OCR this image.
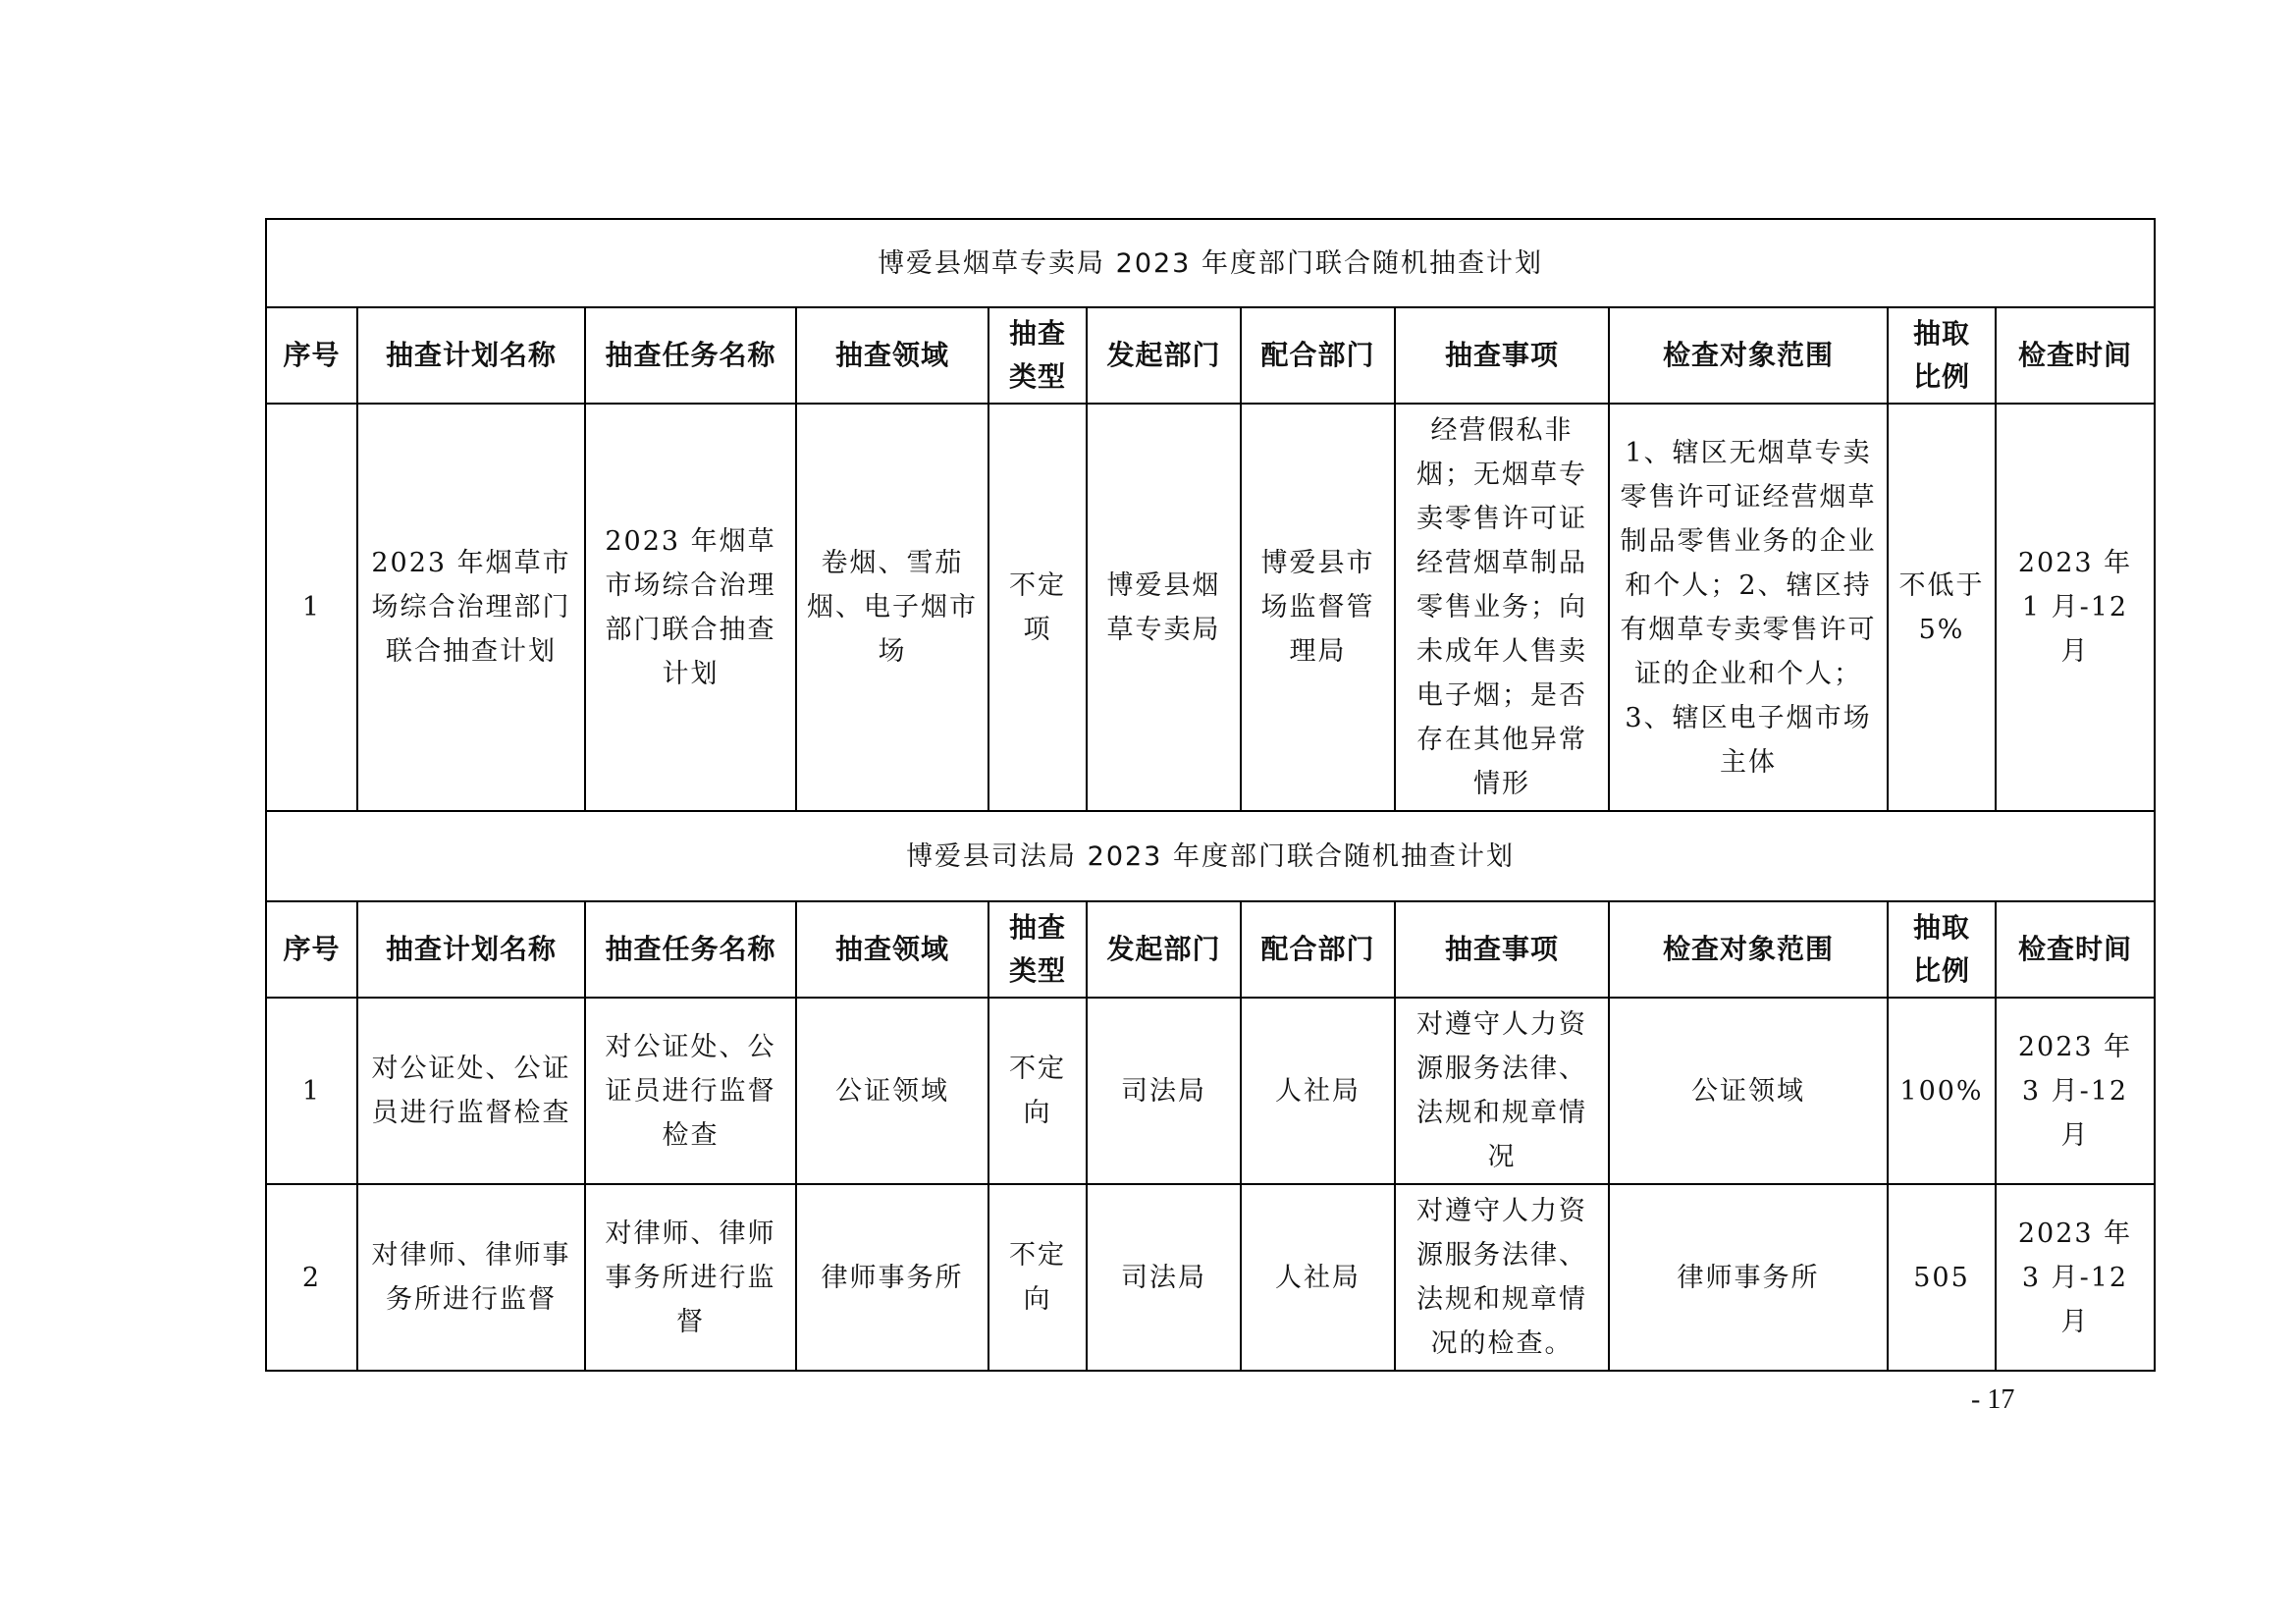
博爱县烟草专卖局 2023 年度部门联合随机抽查计划										
序号	抽查计划名称	抽查任务名称	抽查领域	抽查类型	发起部门	配合部门	抽查事项	检查对象范围	抽取比例	检查时间
1	2023 年烟草市场综合治理部门联合抽查计划	2023 年烟草市场综合治理部门联合抽查计划	卷烟、雪茄烟、电子烟市场	不定项	博爱县烟草专卖局	博爱县市场监督管理局	经营假私非烟；无烟草专卖零售许可证经营烟草制品零售业务；向未成年人售卖电子烟；是否存在其他异常情形	1、辖区无烟草专卖零售许可证经营烟草制品零售业务的企业和个人；2、辖区持有烟草专卖零售许可证的企业和个人；3、辖区电子烟市场主体	不低于 5%	2023 年 1 月-12 月
博爱县司法局 2023 年度部门联合随机抽查计划										
序号	抽查计划名称	抽查任务名称	抽查领域	抽查类型	发起部门	配合部门	抽查事项	检查对象范围	抽取比例	检查时间
1	对公证处、公证员进行监督检查	对公证处、公证员进行监督检查	公证领域	不定向	司法局	人社局	对遵守人力资源服务法律、法规和规章情况	公证领域	100%	2023 年 3 月-12 月
2	对律师、律师事务所进行监督	对律师、律师事务所进行监督	律师事务所	不定向	司法局	人社局	对遵守人力资源服务法律、法规和规章情况的检查。	律师事务所	505	2023 年 3 月-12 月
- 17
